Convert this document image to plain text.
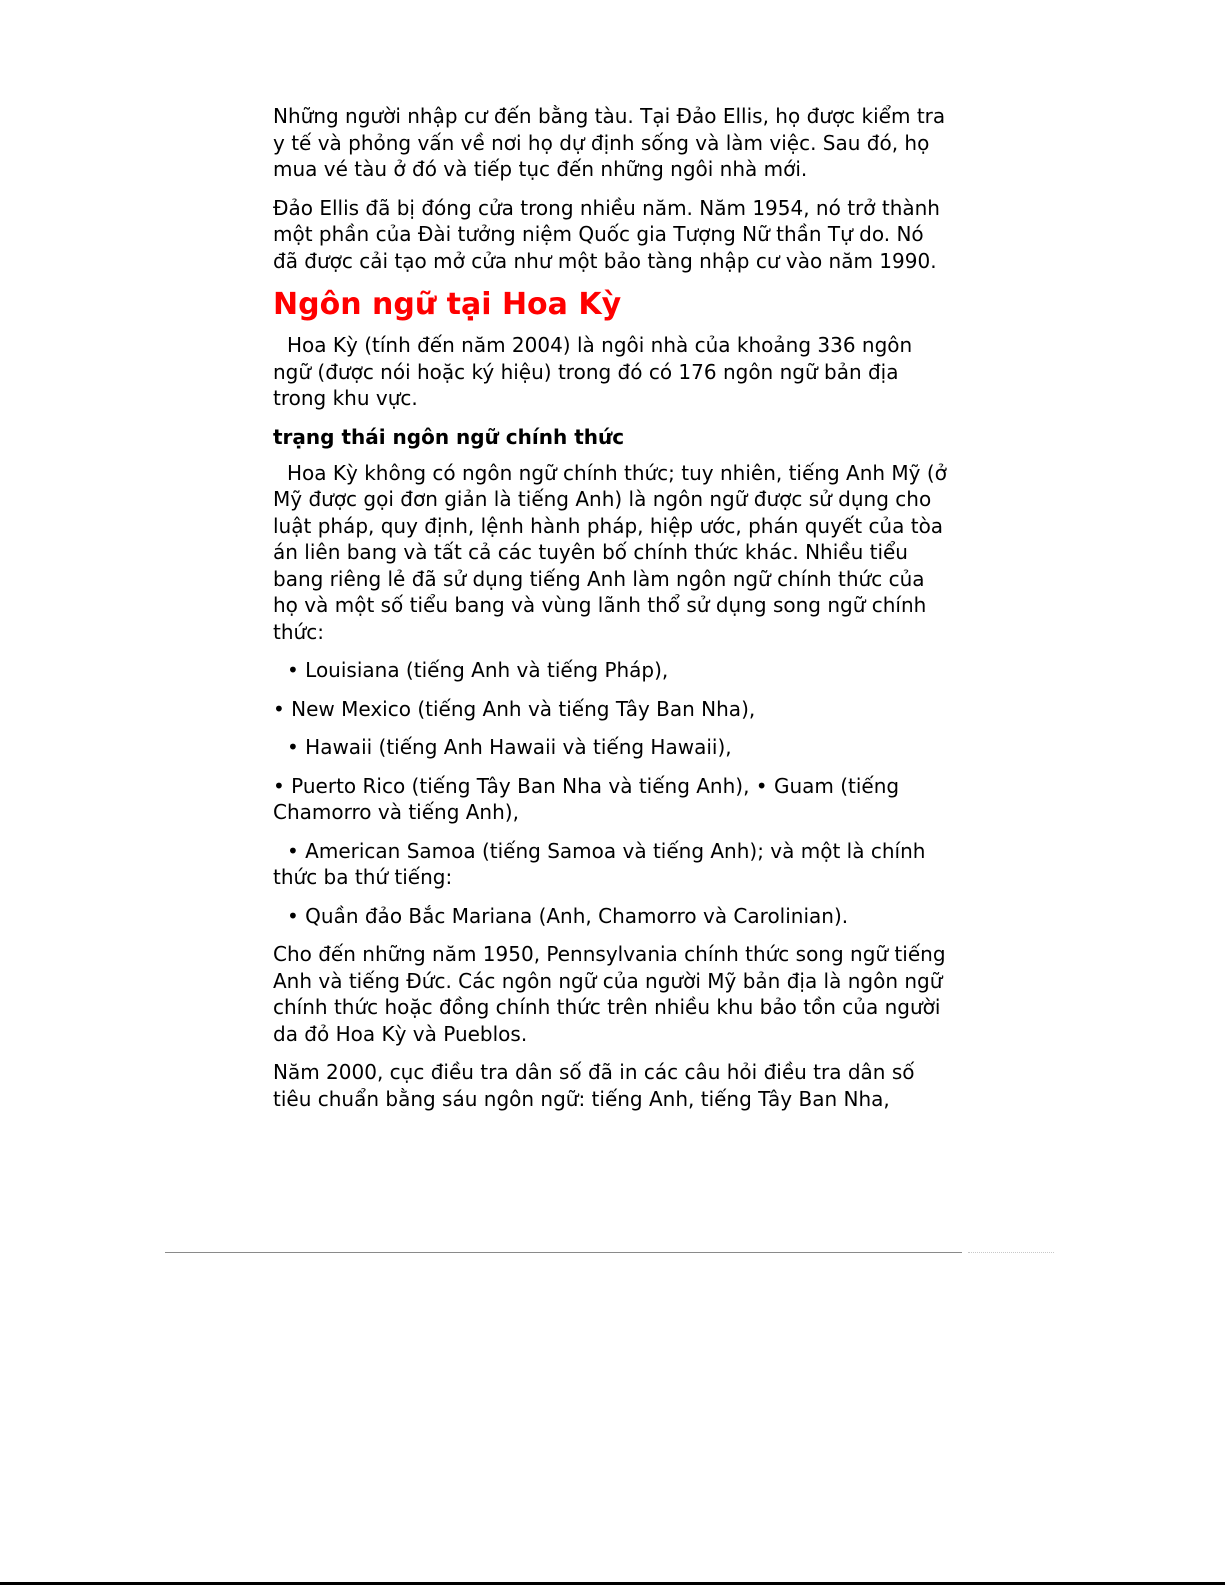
Những người nhập cư đến bằng tàu. Tại Đảo Ellis, họ được kiểm tra y tế và phỏng vấn về nơi họ dự định sống và làm việc. Sau đó, họ mua vé tàu ở đó và tiếp tục đến những ngôi nhà mới.

Đảo Ellis đã bị đóng cửa trong nhiều năm. Năm 1954, nó trở thành một phần của Đài tưởng niệm Quốc gia Tượng Nữ thần Tự do. Nó đã được cải tạo mở cửa như một bảo tàng nhập cư vào năm 1990.

Ngôn ngữ tại Hoa Kỳ

Hoa Kỳ (tính đến năm 2004) là ngôi nhà của khoảng 336 ngôn ngữ (được nói hoặc ký hiệu) trong đó có 176 ngôn ngữ bản địa trong khu vực.

trạng thái ngôn ngữ chính thức

Hoa Kỳ không có ngôn ngữ chính thức; tuy nhiên, tiếng Anh Mỹ (ở Mỹ được gọi đơn giản là tiếng Anh) là ngôn ngữ được sử dụng cho luật pháp, quy định, lệnh hành pháp, hiệp ước, phán quyết của tòa án liên bang và tất cả các tuyên bố chính thức khác. Nhiều tiểu bang riêng lẻ đã sử dụng tiếng Anh làm ngôn ngữ chính thức của họ và một số tiểu bang và vùng lãnh thổ sử dụng song ngữ chính thức:

• Louisiana (tiếng Anh và tiếng Pháp),

• New Mexico (tiếng Anh và tiếng Tây Ban Nha),

• Hawaii (tiếng Anh Hawaii và tiếng Hawaii),

• Puerto Rico (tiếng Tây Ban Nha và tiếng Anh), • Guam (tiếng Chamorro và tiếng Anh),

• American Samoa (tiếng Samoa và tiếng Anh); và một là chính thức ba thứ tiếng:

• Quần đảo Bắc Mariana (Anh, Chamorro và Carolinian).

Cho đến những năm 1950, Pennsylvania chính thức song ngữ tiếng Anh và tiếng Đức. Các ngôn ngữ của người Mỹ bản địa là ngôn ngữ chính thức hoặc đồng chính thức trên nhiều khu bảo tồn của người da đỏ Hoa Kỳ và Pueblos.

Năm 2000, cục điều tra dân số đã in các câu hỏi điều tra dân số tiêu chuẩn bằng sáu ngôn ngữ: tiếng Anh, tiếng Tây Ban Nha,
